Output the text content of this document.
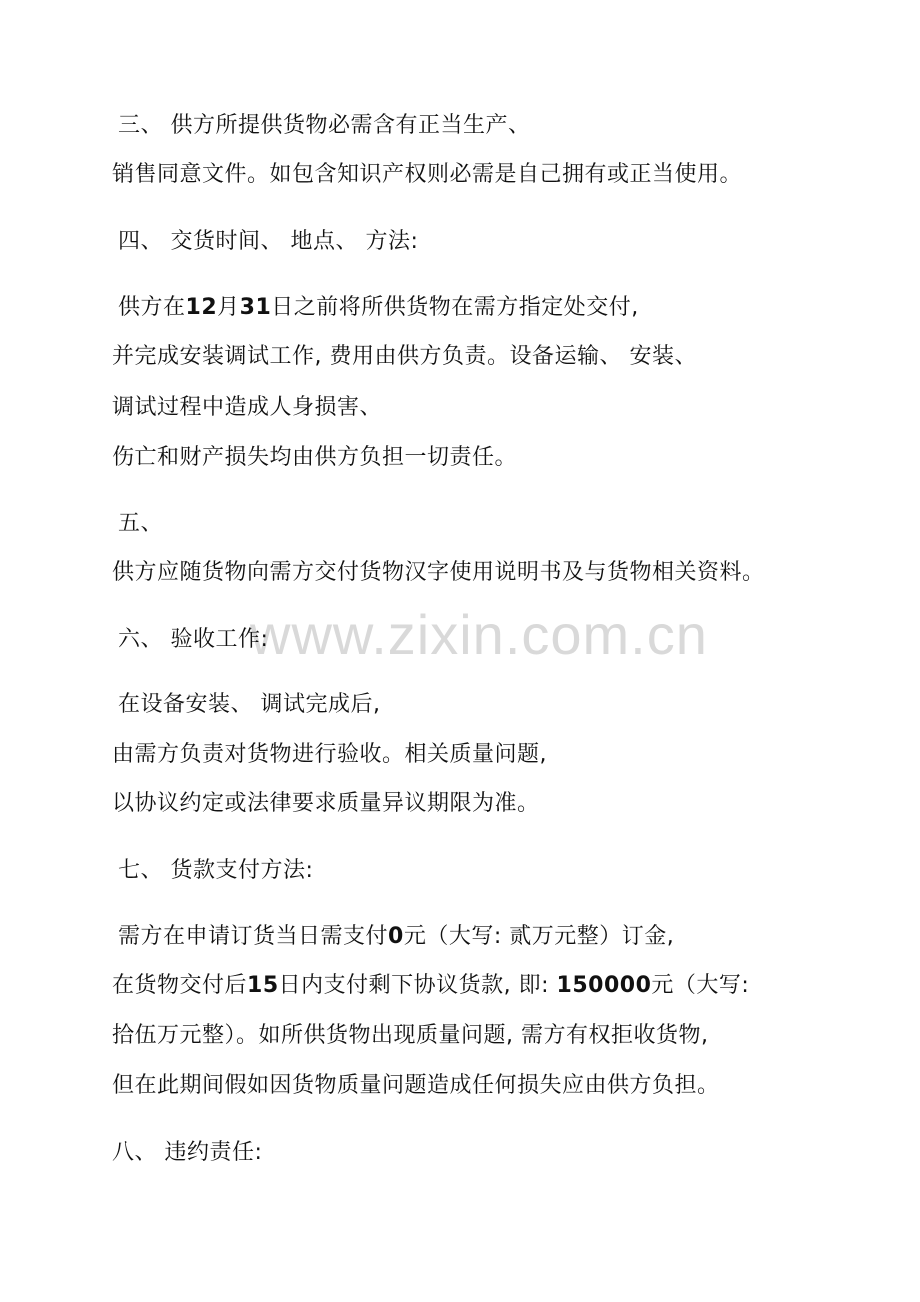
www.zixin.com.cn
三、 供方所提供货物必需含有正当生产、
销售同意文件。如包含知识产权则必需是自己拥有或正当使用。
四、 交货时间、 地点、 方法:
供方在12月31日之前将所供货物在需方指定处交付,
并完成安装调试工作, 费用由供方负责。设备运输、 安装、
调试过程中造成人身损害、
伤亡和财产损失均由供方负担一切责任。
五、
供方应随货物向需方交付货物汉字使用说明书及与货物相关资料。
六、 验收工作:
在设备安装、 调试完成后,
由需方负责对货物进行验收。相关质量问题,
以协议约定或法律要求质量异议期限为准。
七、 货款支付方法:
需方在申请订货当日需支付0元（大写: 贰万元整）订金,
在货物交付后15日内支付剩下协议货款, 即: 150000元（大写:
拾伍万元整）。如所供货物出现质量问题, 需方有权拒收货物,
但在此期间假如因货物质量问题造成任何损失应由供方负担。
八、 违约责任:
